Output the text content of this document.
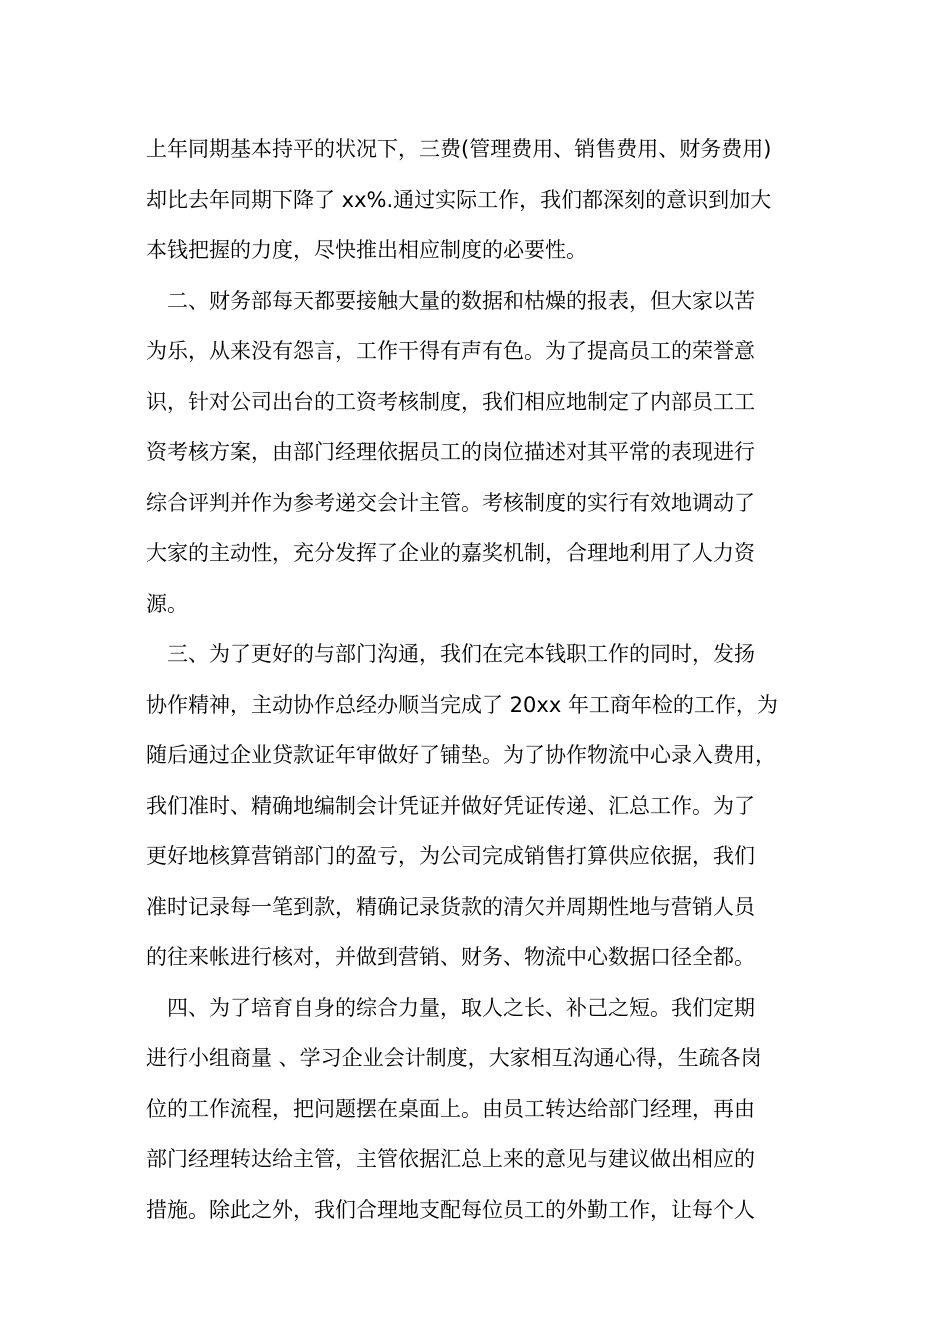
上年同期基本持平的状况下，三费(管理费用、销售费用、财务费用)
却比去年同期下降了 xx%.通过实际工作，我们都深刻的意识到加大
本钱把握的力度，尽快推出相应制度的必要性。
二、财务部每天都要接触大量的数据和枯燥的报表，但大家以苦
为乐，从来没有怨言，工作干得有声有色。为了提高员工的荣誉意
识，针对公司出台的工资考核制度，我们相应地制定了内部员工工
资考核方案，由部门经理依据员工的岗位描述对其平常的表现进行
综合评判并作为参考递交会计主管。考核制度的实行有效地调动了
大家的主动性，充分发挥了企业的嘉奖机制，合理地利用了人力资
源。
三、为了更好的与部门沟通，我们在完本钱职工作的同时，发扬
协作精神，主动协作总经办顺当完成了 20xx 年工商年检的工作，为
随后通过企业贷款证年审做好了铺垫。为了协作物流中心录入费用，
我们准时、精确地编制会计凭证并做好凭证传递、汇总工作。为了
更好地核算营销部门的盈亏，为公司完成销售打算供应依据，我们
准时记录每一笔到款，精确记录货款的清欠并周期性地与营销人员
的往来帐进行核对，并做到营销、财务、物流中心数据口径全都。
四、为了培育自身的综合力量，取人之长、补己之短。我们定期
进行小组商量 、学习企业会计制度，大家相互沟通心得，生疏各岗
位的工作流程，把问题摆在桌面上。由员工转达给部门经理，再由
部门经理转达给主管，主管依据汇总上来的意见与建议做出相应的
措施。除此之外，我们合理地支配每位员工的外勤工作，让每个人
